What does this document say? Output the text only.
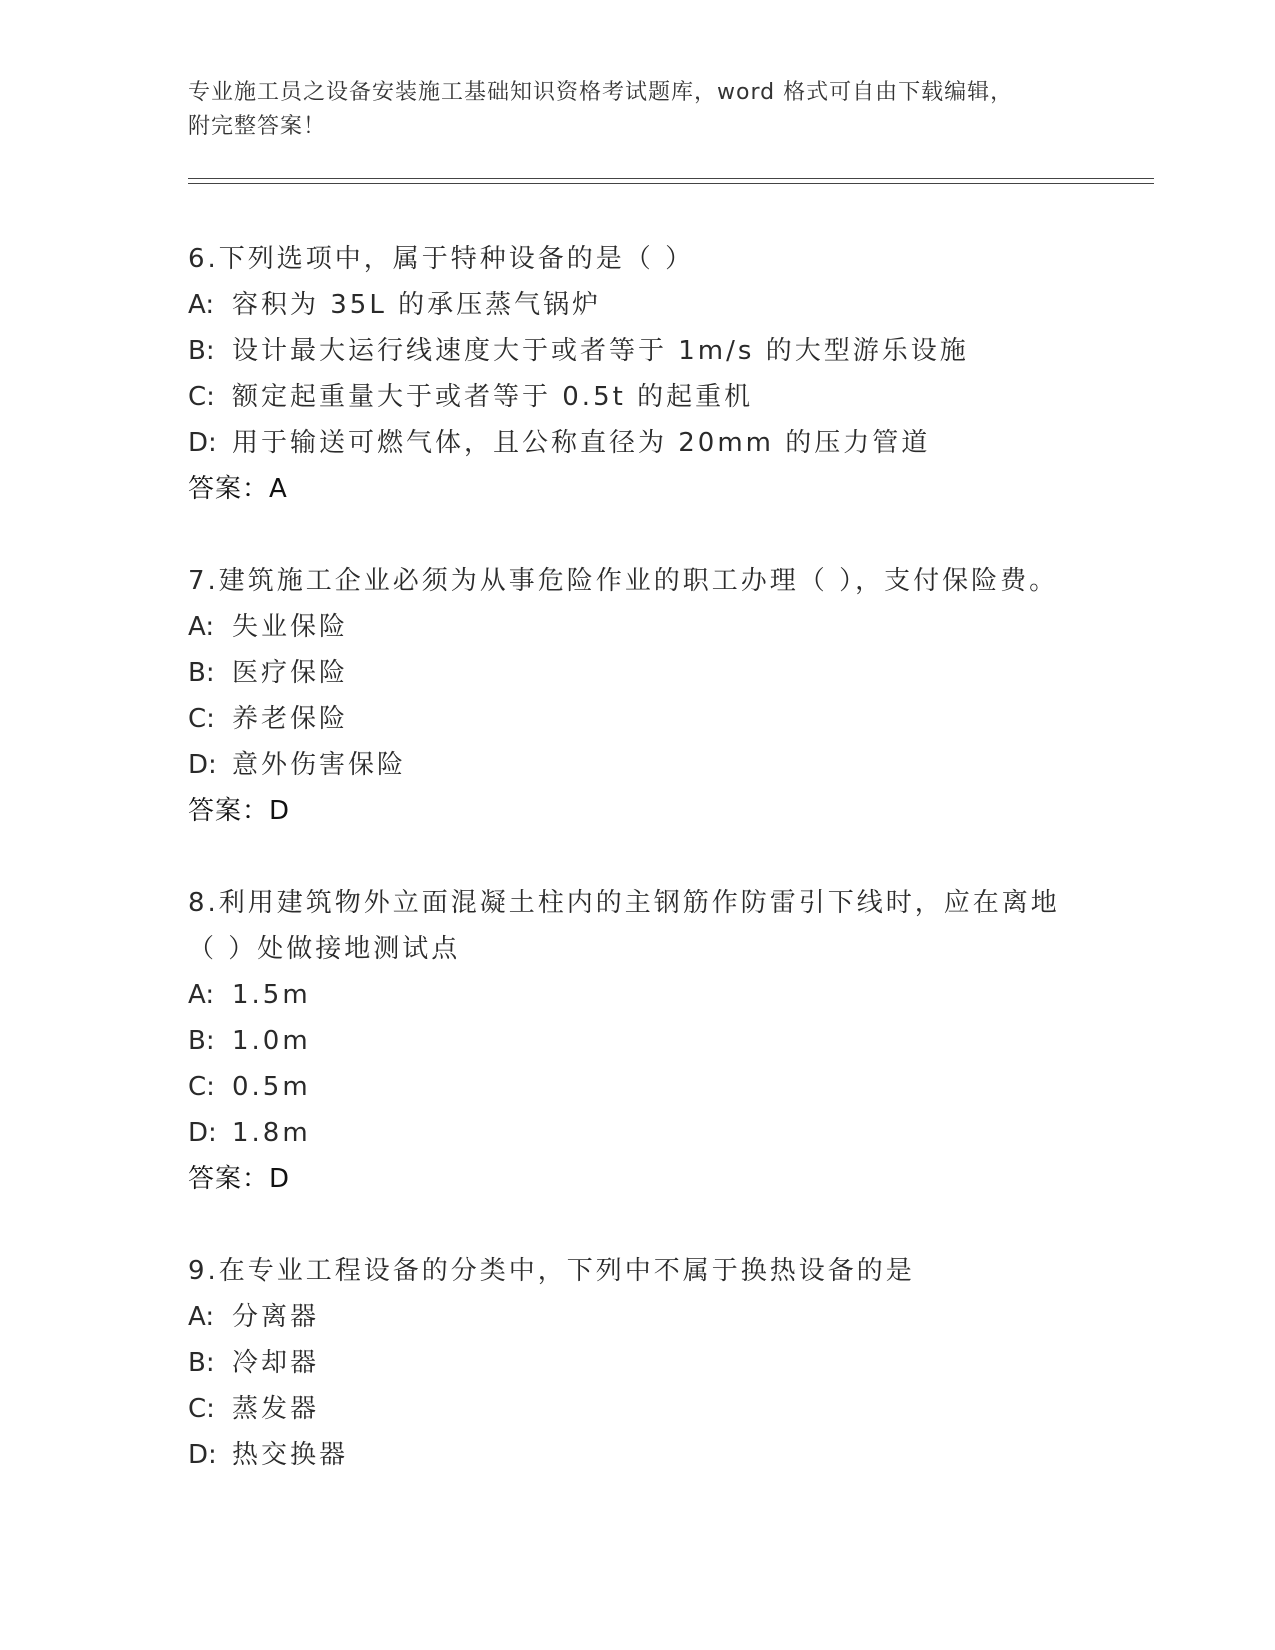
专业施工员之设备安装施工基础知识资格考试题库，word 格式可自由下载编辑，
附完整答案！
6.下列选项中，属于特种设备的是（ ）
A: 容积为 35L 的承压蒸气锅炉
B: 设计最大运行线速度大于或者等于 1m/s 的大型游乐设施
C: 额定起重量大于或者等于 0.5t 的起重机
D: 用于输送可燃气体，且公称直径为 20mm 的压力管道
答案：A
7.建筑施工企业必须为从事危险作业的职工办理（ ），支付保险费。
A: 失业保险
B: 医疗保险
C: 养老保险
D: 意外伤害保险
答案：D
8.利用建筑物外立面混凝土柱内的主钢筋作防雷引下线时，应在离地（ ）处做接地测试点
A: 1.5m
B: 1.0m
C: 0.5m
D: 1.8m
答案：D
9.在专业工程设备的分类中，下列中不属于换热设备的是
A: 分离器
B: 冷却器
C: 蒸发器
D: 热交换器
